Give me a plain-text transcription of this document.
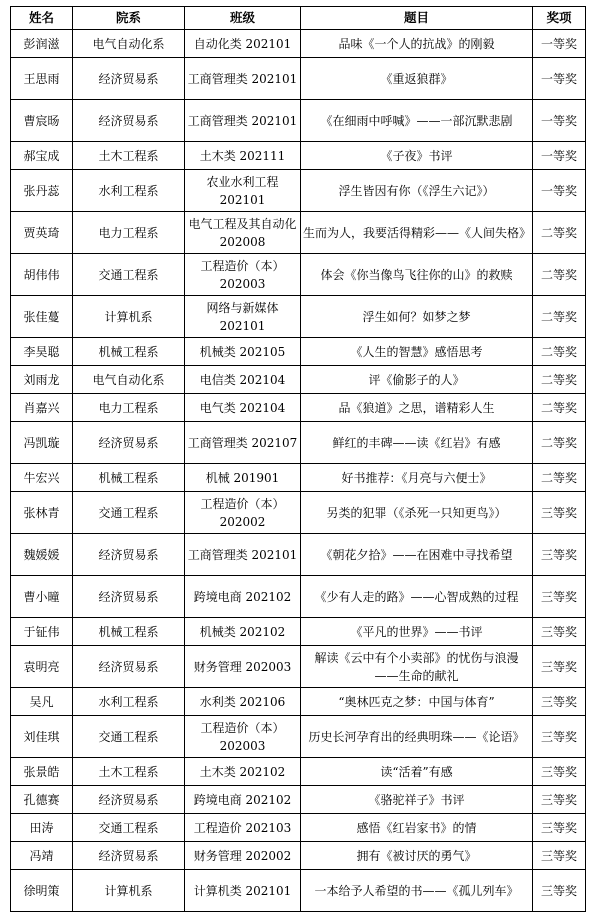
姓名	院系	班级	题目	奖项
彭润滋	电气自动化系	自动化类 202101	品味《一个人的抗战》的刚毅	一等奖
王思雨	经济贸易系	工商管理类 202101	《重返狼群》	一等奖
曹宸旸	经济贸易系	工商管理类 202101	《在细雨中呼喊》——一部沉默悲剧	一等奖
郝宝成	土木工程系	土木类 202111	《子夜》书评	一等奖
张丹蕊	水利工程系	农业水利工程 202101	浮生皆因有你（《浮生六记》）	一等奖
贾英琦	电力工程系	电气工程及其自动化 202008	生而为人，我要活得精彩——《人间失格》	二等奖
胡伟伟	交通工程系	工程造价（本）202003	体会《你当像鸟飞往你的山》的救赎	二等奖
张佳蔓	计算机系	网络与新媒体 202101	浮生如何？如梦之梦	二等奖
李昊聪	机械工程系	机械类 202105	《人生的智慧》感悟思考	二等奖
刘雨龙	电气自动化系	电信类 202104	评《偷影子的人》	二等奖
肖嘉兴	电力工程系	电气类 202104	品《狼道》之思，谱精彩人生	二等奖
冯凯璇	经济贸易系	工商管理类 202107	鲜红的丰碑——读《红岩》有感	二等奖
牛宏兴	机械工程系	机械 201901	好书推荐：《月亮与六便士》	二等奖
张林青	交通工程系	工程造价（本）202002	另类的犯罪（《杀死一只知更鸟》）	三等奖
魏媛媛	经济贸易系	工商管理类 202101	《朝花夕拾》——在困难中寻找希望	三等奖
曹小曈	经济贸易系	跨境电商 202102	《少有人走的路》——心智成熟的过程	三等奖
于钲伟	机械工程系	机械类 202102	《平凡的世界》——书评	三等奖
袁明亮	经济贸易系	财务管理 202003	解读《云中有个小卖部》的忧伤与浪漫——生命的献礼	三等奖
吴凡	水利工程系	水利类 202106	“奥林匹克之梦：中国与体育”	三等奖
刘佳琪	交通工程系	工程造价（本）202003	历史长河孕育出的经典明珠——《论语》	三等奖
张景皓	土木工程系	土木类 202102	读“活着”有感	三等奖
孔德赛	经济贸易系	跨境电商 202102	《骆驼祥子》书评	三等奖
田涛	交通工程系	工程造价 202103	感悟《红岩家书》的情	三等奖
冯靖	经济贸易系	财务管理 202002	拥有《被讨厌的勇气》	三等奖
徐明策	计算机系	计算机类 202101	一本给予人希望的书——《孤儿列车》	三等奖
